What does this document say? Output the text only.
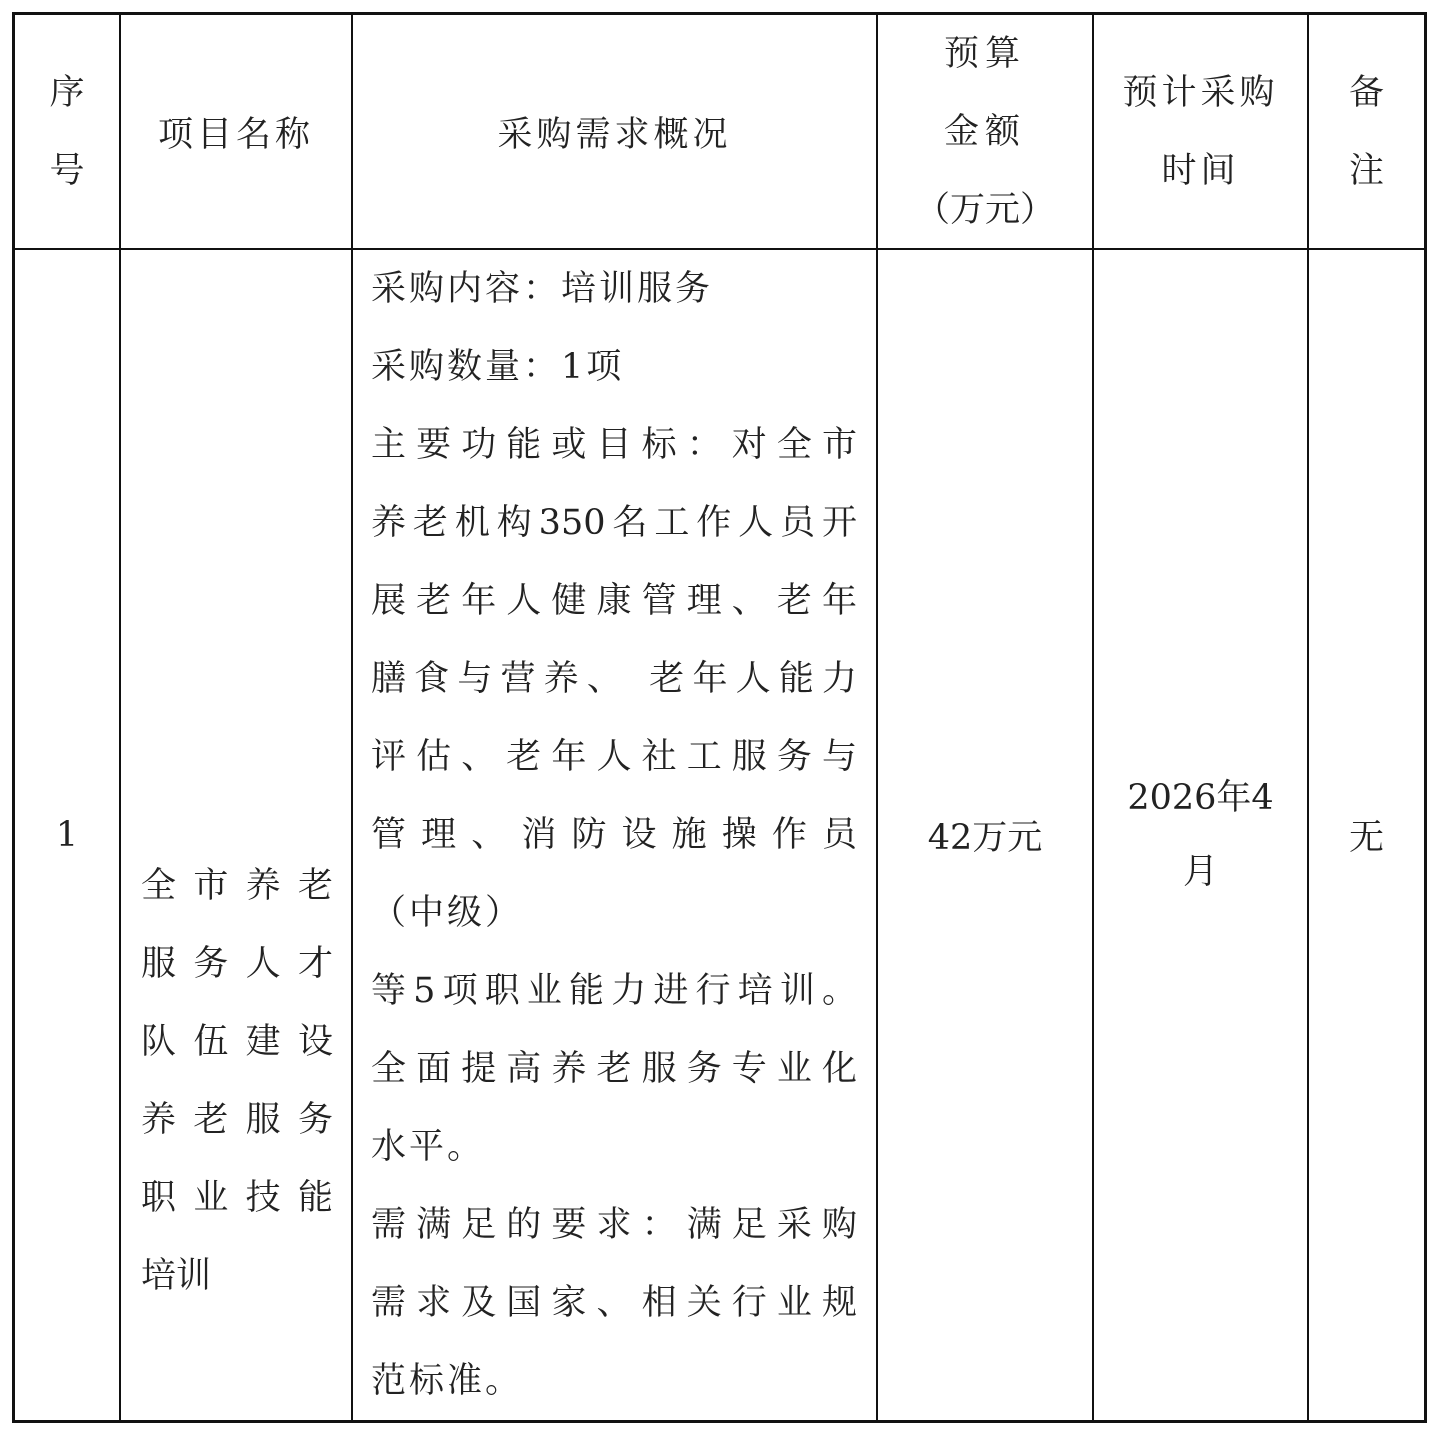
序
号
项目名称	采购需求概况
预算
金额
（万元）
预计采购
时间
备
注
1
全市养老
服务人才
队伍建设
养老服务
职业技能
培训
采购内容：培训服务
采购数量：1项
主要功能或目标：对全市
养老机构350名工作人员开
展老年人健康管理、老年
膳食与营养、 老年人能力
评估、老年人社工服务与
管理、消防设施操作员
（中级）
等5项职业能力进行培训。
全面提高养老服务专业化
水平。
需满足的要求：满足采购
需求及国家、相关行业规
范标准。
42万元
2026年4
月
无
